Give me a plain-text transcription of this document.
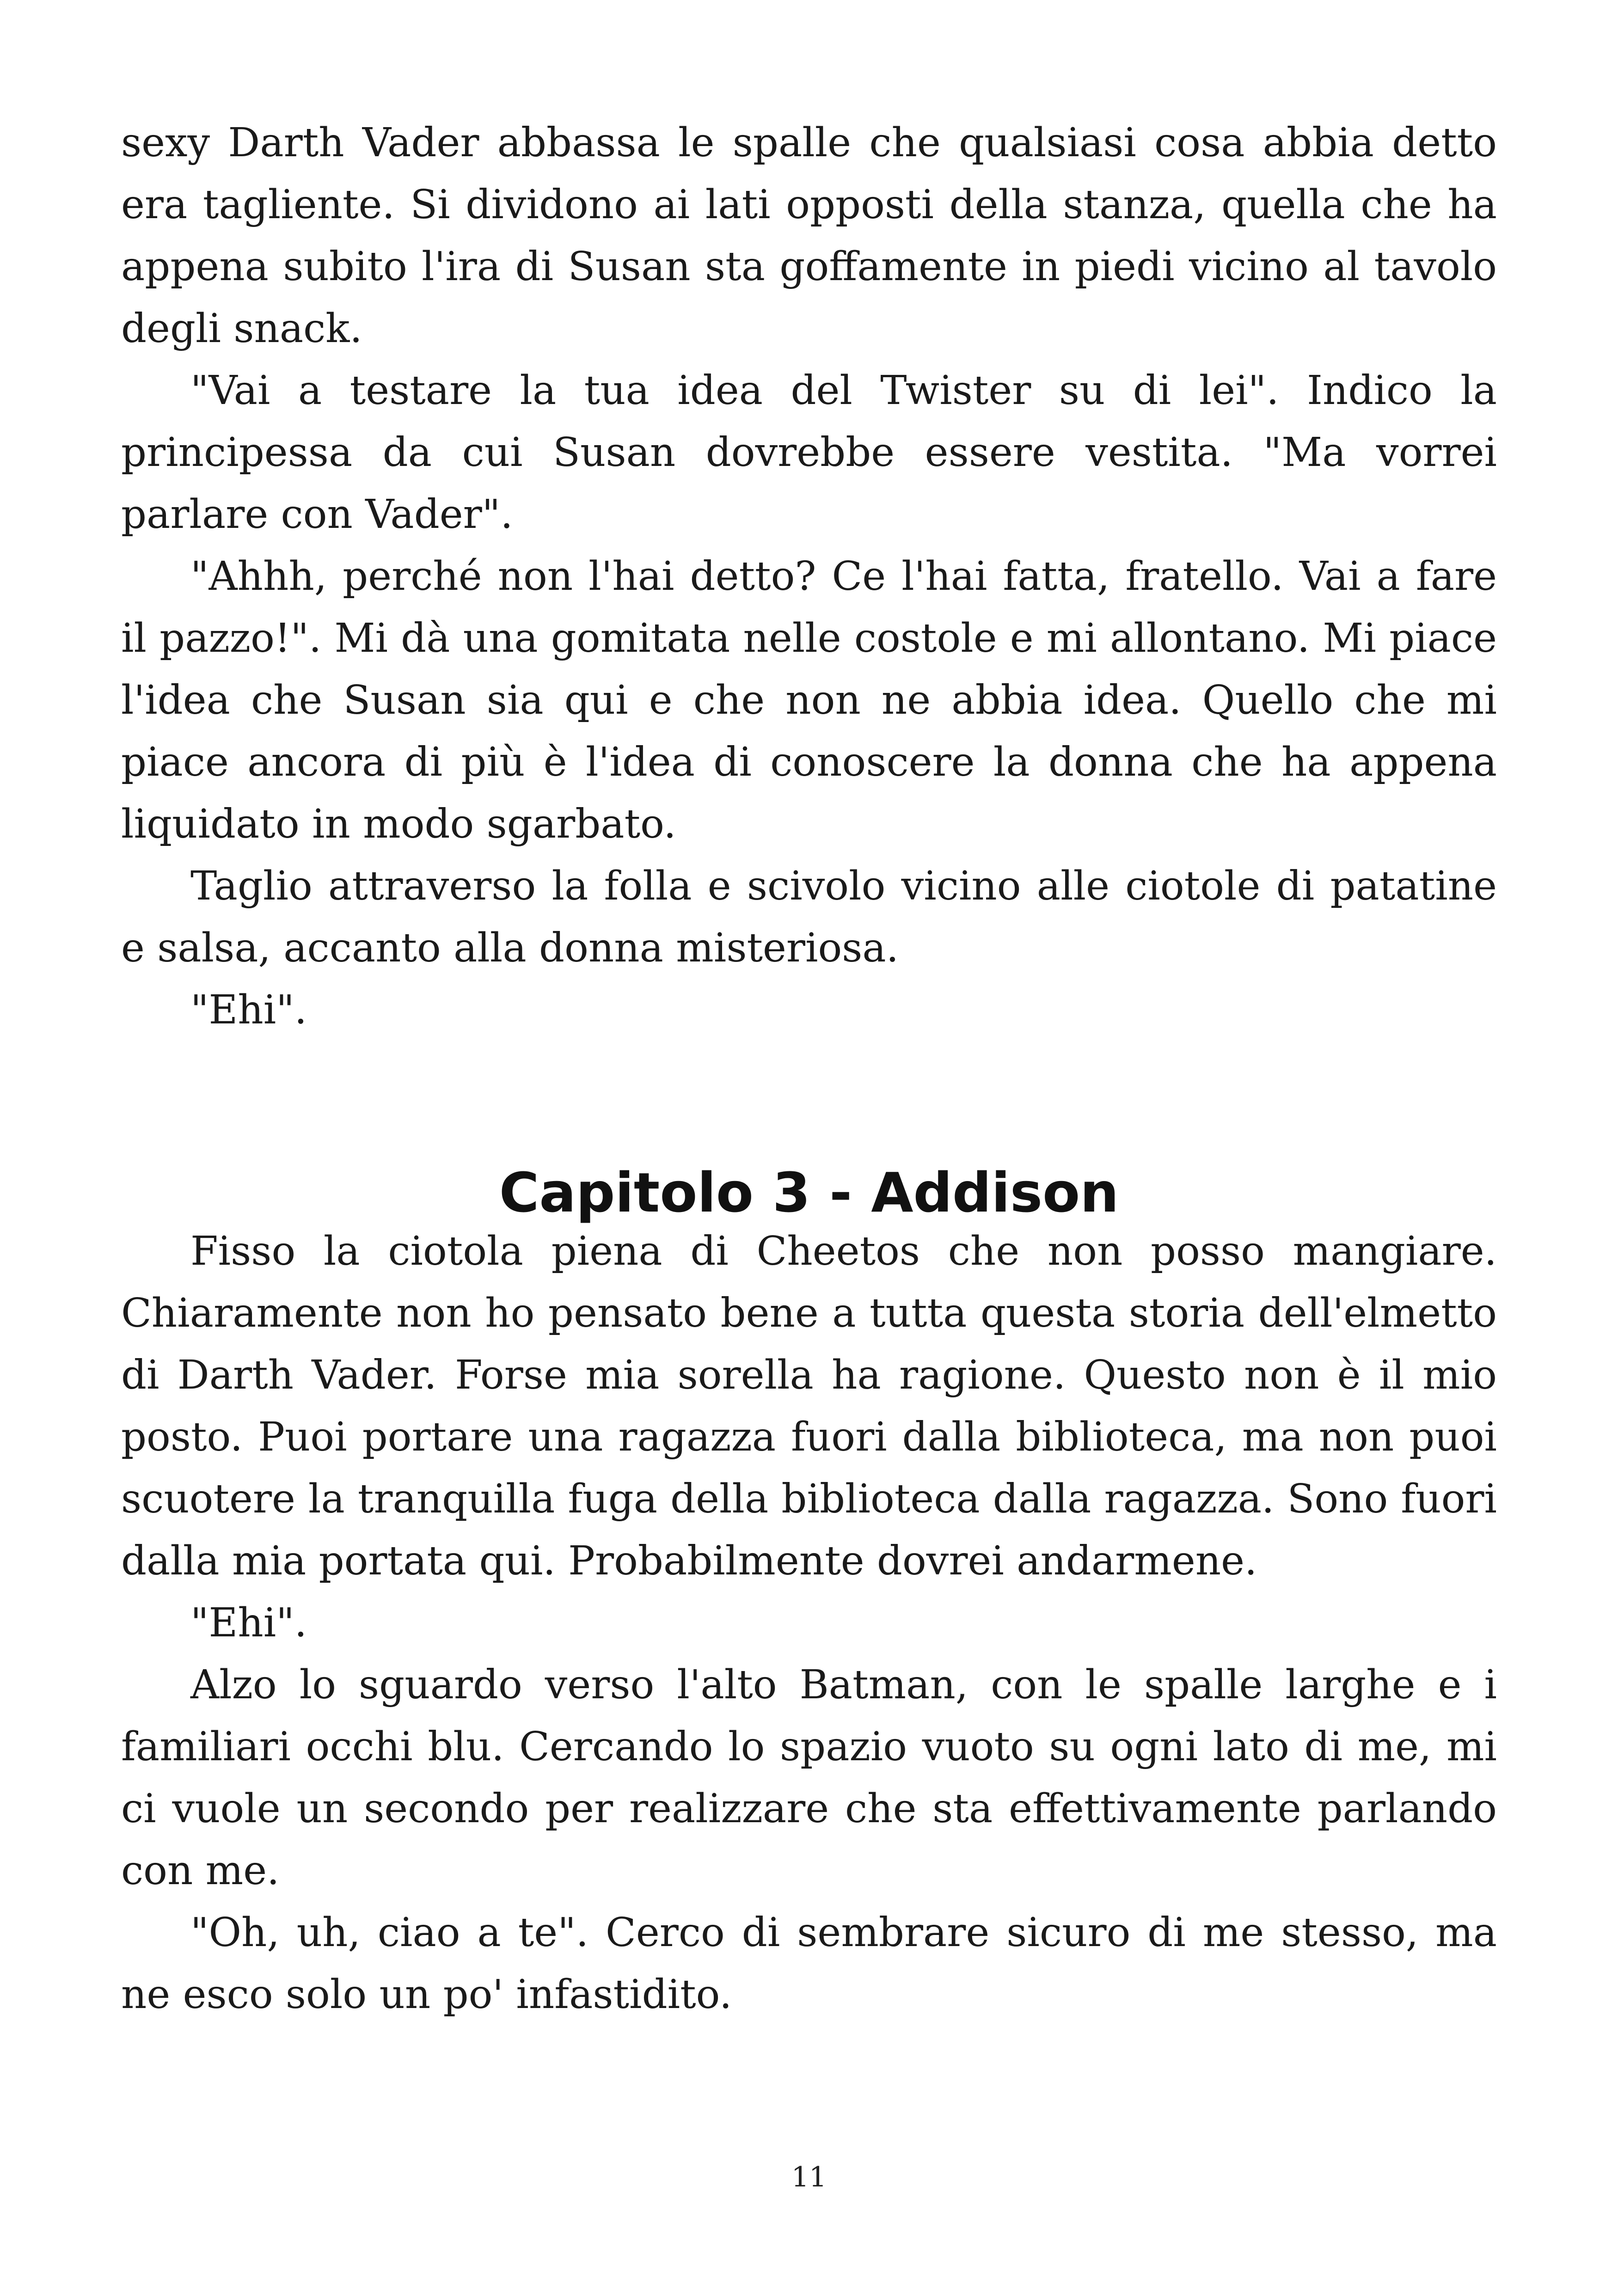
sexy Darth Vader abbassa le spalle che qualsiasi cosa abbia detto era tagliente. Si dividono ai lati opposti della stanza, quella che ha appena subito l'ira di Susan sta goffamente in piedi vicino al tavolo degli snack.

"Vai a testare la tua idea del Twister su di lei". Indico la principessa da cui Susan dovrebbe essere vestita. "Ma vorrei parlare con Vader".

"Ahhh, perché non l'hai detto? Ce l'hai fatta, fratello. Vai a fare il pazzo!". Mi dà una gomitata nelle costole e mi allontano. Mi piace l'idea che Susan sia qui e che non ne abbia idea. Quello che mi piace ancora di più è l'idea di conoscere la donna che ha appena liquidato in modo sgarbato.

Taglio attraverso la folla e scivolo vicino alle ciotole di patatine e salsa, accanto alla donna misteriosa.

"Ehi".

Capitolo 3 - Addison

Fisso la ciotola piena di Cheetos che non posso mangiare. Chiaramente non ho pensato bene a tutta questa storia dell'elmetto di Darth Vader. Forse mia sorella ha ragione. Questo non è il mio posto. Puoi portare una ragazza fuori dalla biblioteca, ma non puoi scuotere la tranquilla fuga della biblioteca dalla ragazza. Sono fuori dalla mia portata qui. Probabilmente dovrei andarmene.

"Ehi".

Alzo lo sguardo verso l'alto Batman, con le spalle larghe e i familiari occhi blu. Cercando lo spazio vuoto su ogni lato di me, mi ci vuole un secondo per realizzare che sta effettivamente parlando con me.

"Oh, uh, ciao a te". Cerco di sembrare sicuro di me stesso, ma ne esco solo un po' infastidito.

11
